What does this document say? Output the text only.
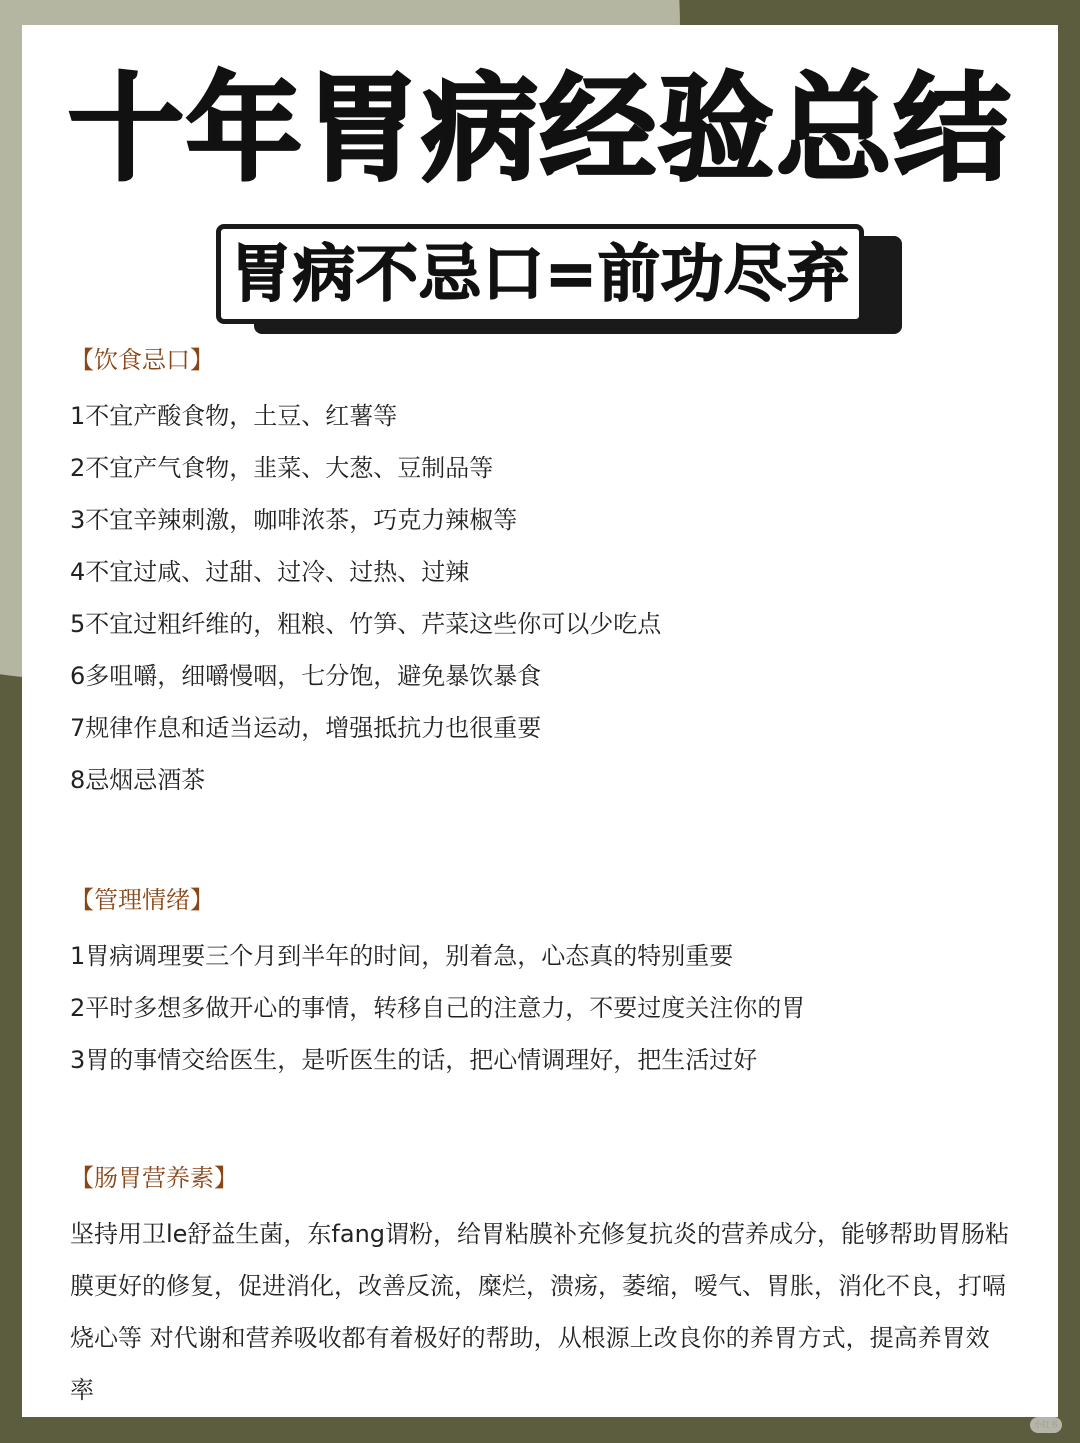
十年胃病经验总结
胃病不忌口=前功尽弃
【饮食忌口】
1不宜产酸食物，土豆、红薯等
2不宜产气食物，韭菜、大葱、豆制品等
3不宜辛辣刺激，咖啡浓茶，巧克力辣椒等
4不宜过咸、过甜、过冷、过热、过辣
5不宜过粗纤维的，粗粮、竹笋、芹菜这些你可以少吃点
6多咀嚼，细嚼慢咽，七分饱，避免暴饮暴食
7规律作息和适当运动，增强抵抗力也很重要
8忌烟忌酒茶
【管理情绪】
1胃病调理要三个月到半年的时间，别着急，心态真的特别重要
2平时多想多做开心的事情，转移自己的注意力，不要过度关注你的胃
3胃的事情交给医生，是听医生的话，把心情调理好，把生活过好
【肠胃营养素】
坚持用卫le舒益生菌，东fang谓粉，给胃粘膜补充修复抗炎的营养成分，能够帮助胃肠粘膜更好的修复，促进消化，改善反流，糜烂，溃疡，萎缩，嗳气、胃胀，消化不良，打嗝烧心等 对代谢和营养吸收都有着极好的帮助，从根源上改良你的养胃方式，提高养胃效率
小红书
